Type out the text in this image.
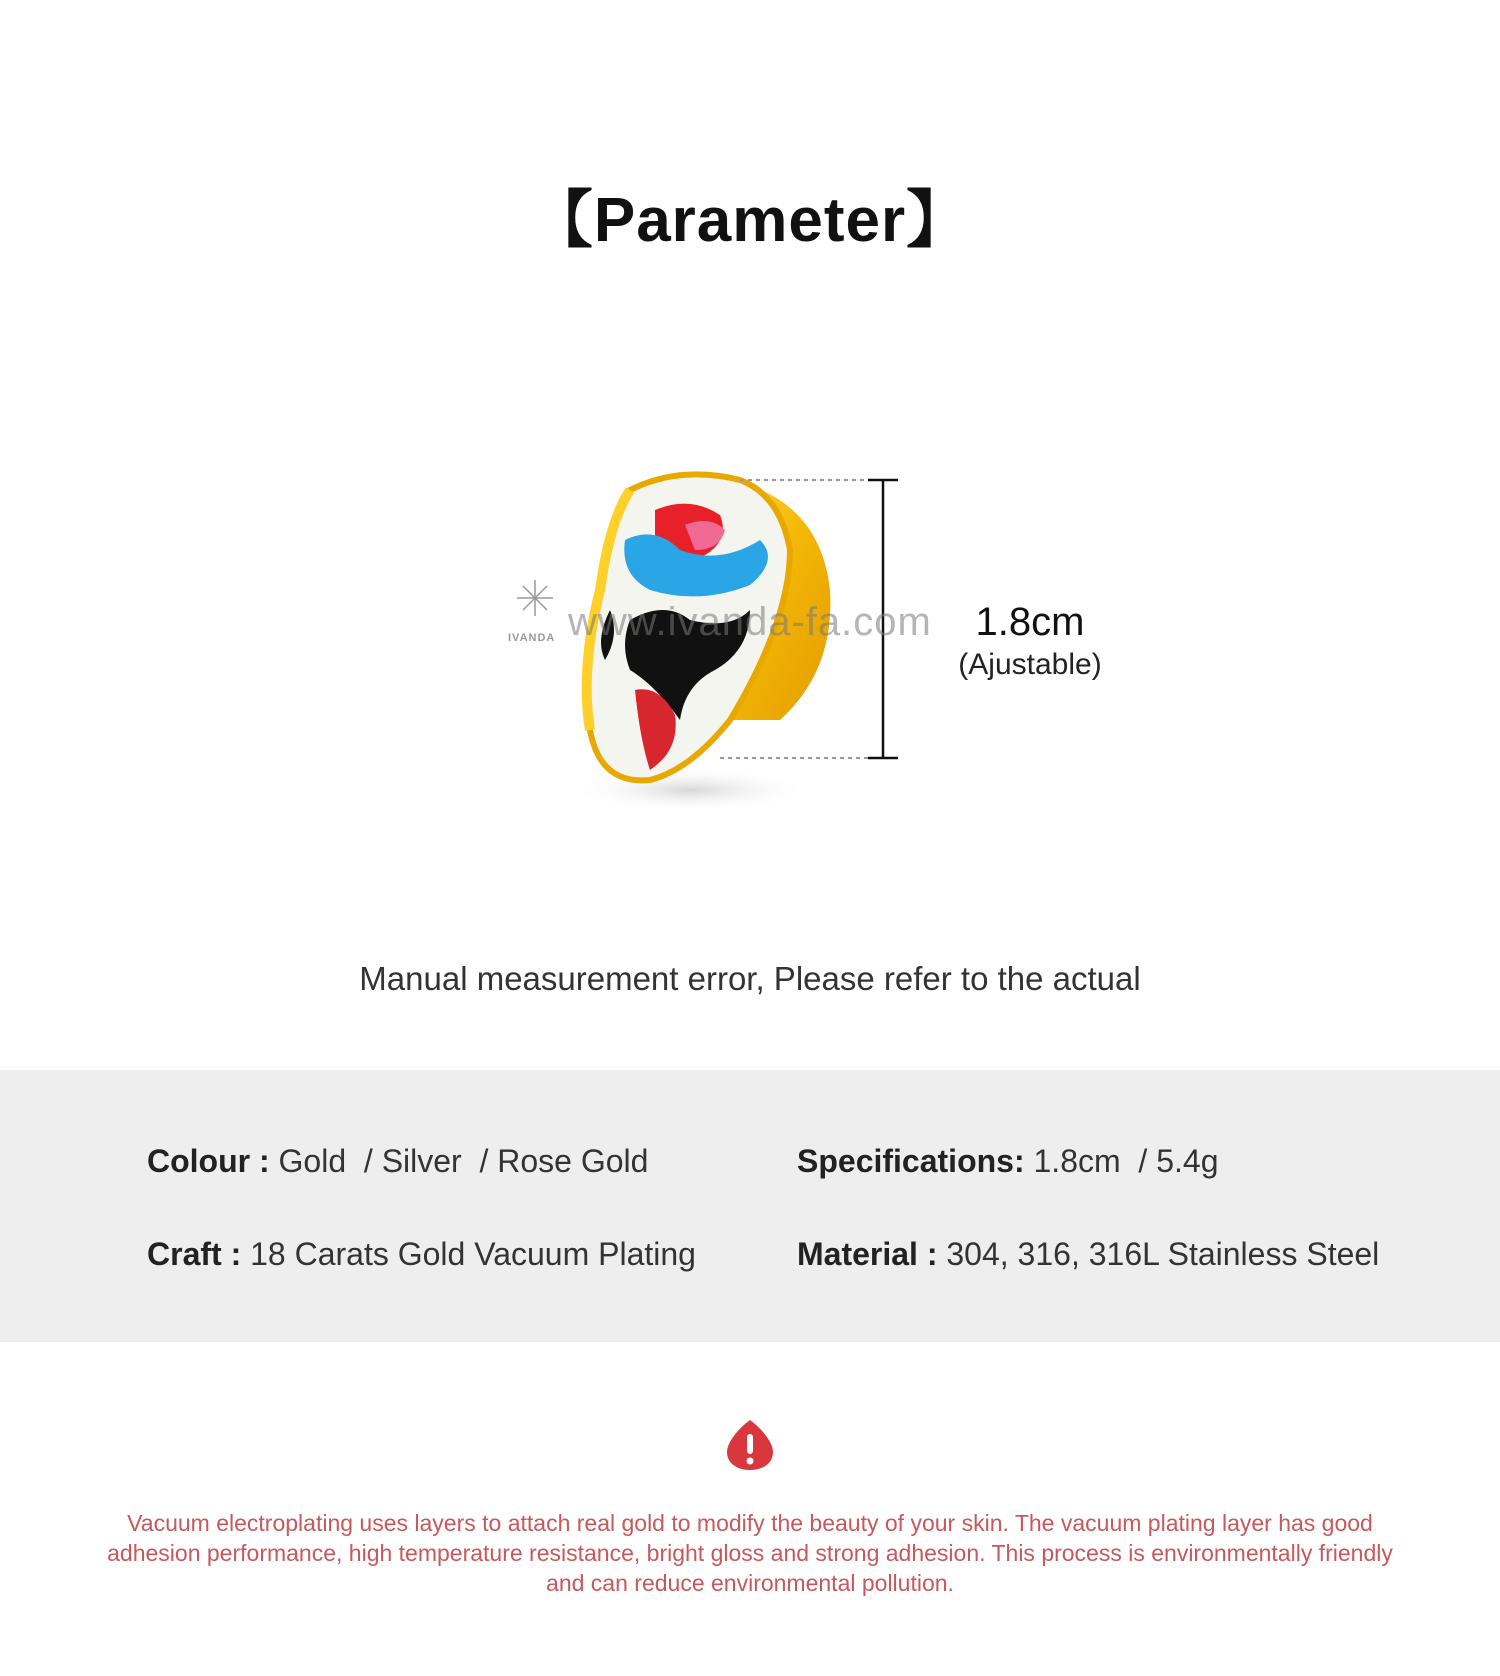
【Parameter】
IVANDA www.ivanda-fa.com	1.8cm
(Ajustable)
Manual measurement error, Please refer to the actual
Colour : Gold  / Silver  / Rose Gold	Specifications: 1.8cm  / 5.4g
Craft : 18 Carats Gold Vacuum Plating	Material : 304, 316, 316L Stainless Steel
Vacuum electroplating uses layers to attach real gold to modify the beauty of your skin. The vacuum plating layer has good adhesion performance, high temperature resistance, bright gloss and strong adhesion. This process is environmentally friendly and can reduce environmental pollution.
